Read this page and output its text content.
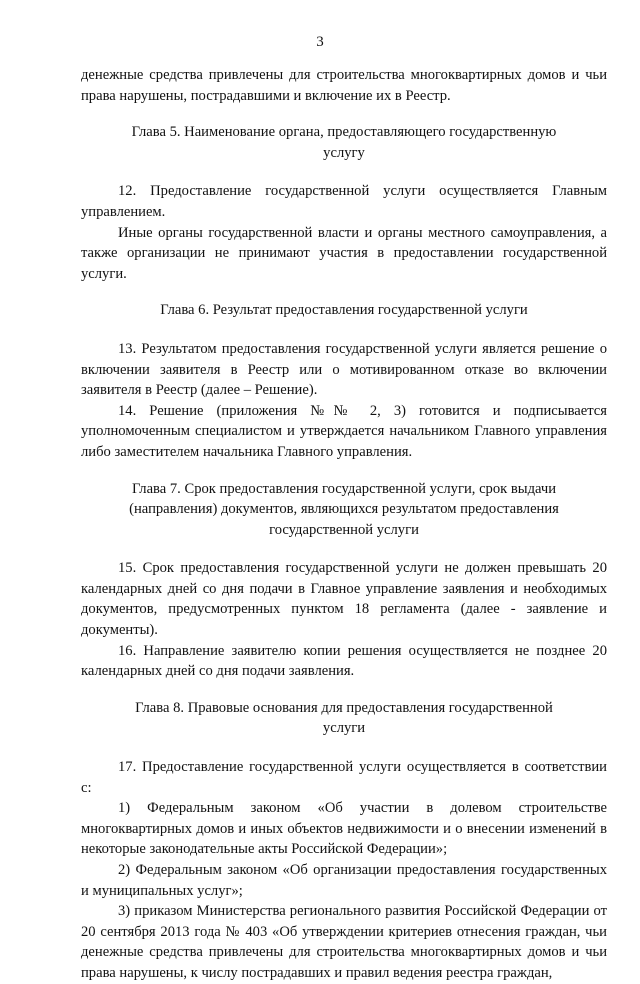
3

денежные средства привлечены для строительства многоквартирных домов и чьи права нарушены, пострадавшими и включение их в Реестр.

Глава 5. Наименование органа, предоставляющего государственную услугу

12. Предоставление государственной услуги осуществляется Главным управлением.

Иные органы государственной власти и органы местного самоуправления, а также организации не принимают участия в предоставлении государственной услуги.

Глава 6. Результат предоставления государственной услуги

13. Результатом предоставления государственной услуги является решение о включении заявителя в Реестр или о мотивированном отказе во включении заявителя в Реестр (далее – Решение).

14. Решение (приложения №№ 2, 3) готовится и подписывается уполномоченным специалистом и утверждается начальником Главного управления либо заместителем начальника Главного управления.

Глава 7. Срок предоставления государственной услуги, срок выдачи (направления) документов, являющихся результатом предоставления государственной услуги

15. Срок предоставления государственной услуги не должен превышать 20 календарных дней со дня подачи в Главное управление заявления и необходимых документов, предусмотренных пунктом 18 регламента (далее - заявление и документы).

16. Направление заявителю копии решения осуществляется не позднее 20 календарных дней со дня подачи заявления.

Глава 8. Правовые основания для предоставления государственной услуги

17. Предоставление государственной услуги осуществляется в соответствии с:

1) Федеральным законом «Об участии в долевом строительстве многоквартирных домов и иных объектов недвижимости и о внесении изменений в некоторые законодательные акты Российской Федерации»;

2) Федеральным законом «Об организации предоставления государственных и муниципальных услуг»;

3) приказом Министерства регионального развития Российской Федерации от 20 сентября 2013 года № 403 «Об утверждении критериев отнесения граждан, чьи денежные средства привлечены для строительства многоквартирных домов и чьи права нарушены, к числу пострадавших и правил ведения реестра граждан,
